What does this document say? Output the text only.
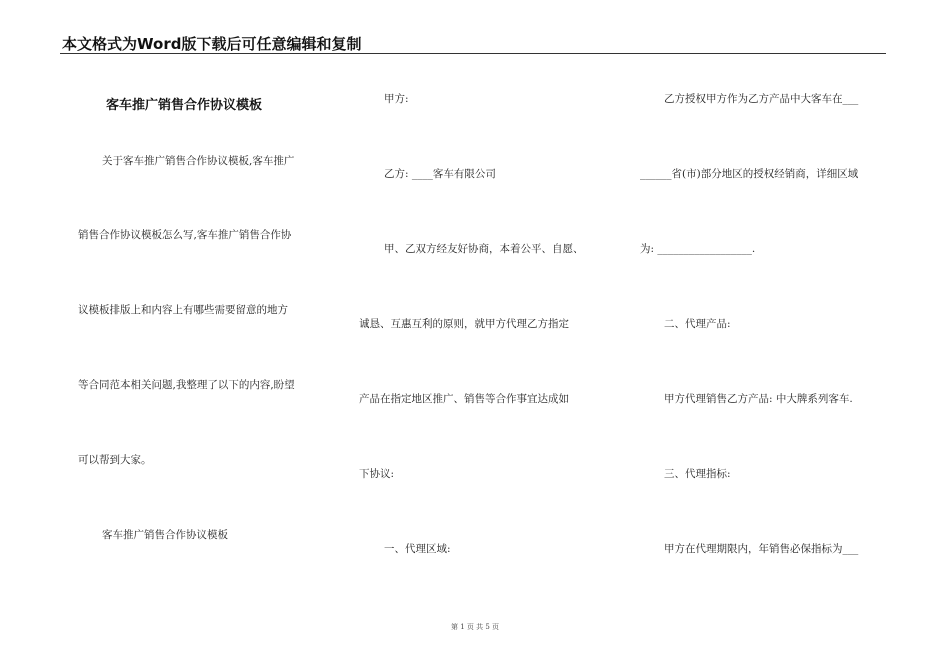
本文格式为Word版下载后可任意编辑和复制
客车推广销售合作协议模板
关于客车推广销售合作协议模板,客车推广
销售合作协议模板怎么写,客车推广销售合作协
议模板排版上和内容上有哪些需要留意的地方
等合同范本相关问题,我整理了以下的内容,盼望
可以帮到大家。
客车推广销售合作协议模板
甲方:
乙方: ____客车有限公司
甲、乙双方经友好协商，本着公平、自愿、
诚恳、互惠互利的原则，就甲方代理乙方指定
产品在指定地区推广、销售等合作事宜达成如
下协议:
一、代理区域:
乙方授权甲方作为乙方产品中大客车在___
______省(市)部分地区的授权经销商，详细区域
为: __________________.
二、代理产品:
甲方代理销售乙方产品: 中大牌系列客车.
三、代理指标:
甲方在代理期限内，年销售必保指标为___
第 1 页 共 5 页
